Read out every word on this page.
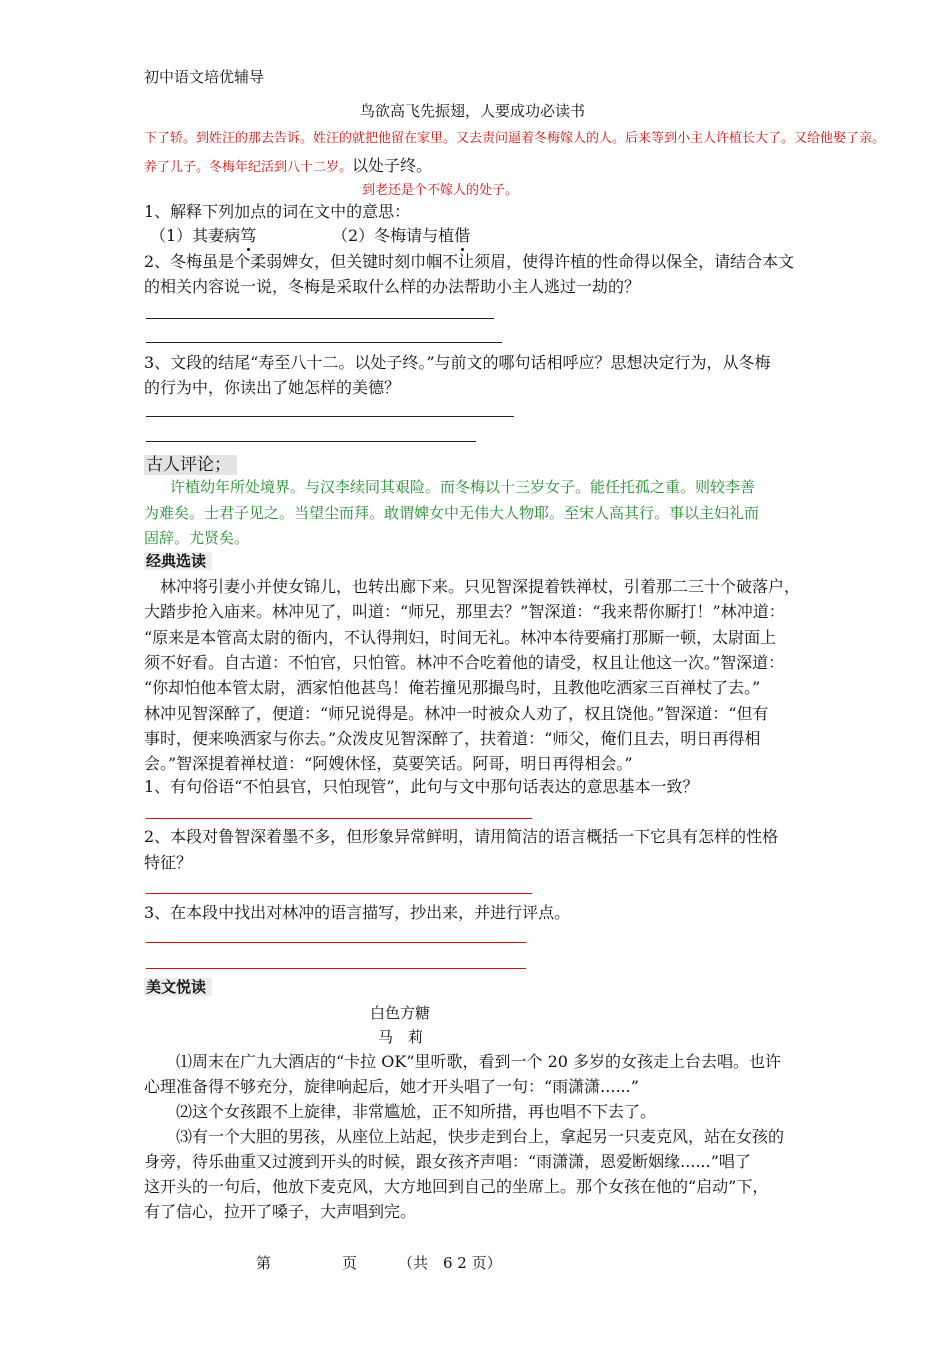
初中语文培优辅导
鸟欲高飞先振翅，人要成功必读书
下了轿。到姓汪的那去告诉。姓汪的就把他留在家里。又去责问逼着冬梅嫁人的人。后来等到小主人许植长大了。又给他娶了亲。
养了儿子。冬梅年纪活到八十二岁。以处子终。
到老还是个不嫁人的处子。
1、解释下列加点的词在文中的意思：
（1）其妻病笃	（2）冬梅请与植偕
2、冬梅虽是个柔弱婢女，但关键时刻巾帼不让须眉，使得许植的性命得以保全，请结合本文
的相关内容说一说，冬梅是采取什么样的办法帮助小主人逃过一劫的？
3、文段的结尾“寿至八十二。以处子终。”与前文的哪句话相呼应？思想决定行为，从冬梅
的行为中，你读出了她怎样的美德？
古人评论；
许植幼年所处境界。与汉李续同其艰险。而冬梅以十三岁女子。能任托孤之重。则较李善
为难矣。士君子见之。当望尘而拜。敢谓婢女中无伟大人物耶。至宋人高其行。事以主妇礼而
固辞。尤贤矣。
经典选读
　林冲将引妻小并使女锦儿，也转出廊下来。只见智深提着铁禅杖，引着那二三十个破落户，
大踏步抢入庙来。林冲见了，叫道：“师兄，那里去？”智深道：“我来帮你厮打！”林冲道：
“原来是本管高太尉的衙内，不认得荆妇，时间无礼。林冲本待要痛打那厮一顿，太尉面上
须不好看。自古道：不怕官，只怕管。林冲不合吃着他的请受，权且让他这一次。”智深道：
“你却怕他本管太尉，洒家怕他甚鸟！俺若撞见那撮鸟时，且教他吃洒家三百禅杖了去。”
林冲见智深醉了，便道：“师兄说得是。林冲一时被众人劝了，权且饶他。”智深道：“但有
事时，便来唤洒家与你去。”众泼皮见智深醉了，扶着道：“师父，俺们且去，明日再得相
会。”智深提着禅杖道：“阿嫂休怪，莫要笑话。阿哥，明日再得相会。”
1、有句俗语“不怕县官，只怕现管”，此句与文中那句话表达的意思基本一致？
2、本段对鲁智深着墨不多，但形象异常鲜明，请用简洁的语言概括一下它具有怎样的性格
特征？
3、在本段中找出对林冲的语言描写，抄出来，并进行评点。
美文悦读
白色方糖
马　莉
　　⑴周末在广九大酒店的“卡拉 OK”里听歌，看到一个 20 多岁的女孩走上台去唱。也许
心理准备得不够充分，旋律响起后，她才开头唱了一句：“雨潇潇......”
　　⑵这个女孩跟不上旋律，非常尴尬，正不知所措，再也唱不下去了。
　　⑶有一个大胆的男孩，从座位上站起，快步走到台上，拿起另一只麦克风，站在女孩的
身旁，待乐曲重又过渡到开头的时候，跟女孩齐声唱：“雨潇潇，恩爱断姻缘......”唱了
这开头的一句后，他放下麦克风，大方地回到自己的坐席上。那个女孩在他的“启动”下，
有了信心，拉开了嗓子，大声唱到完。
第	页	（共　6 2 页）
